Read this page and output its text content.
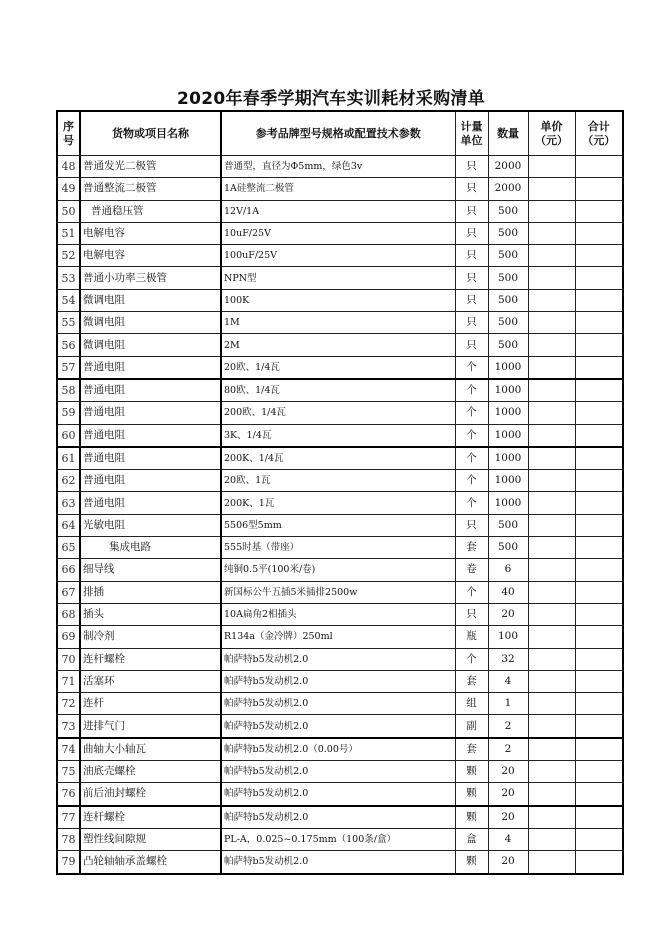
2020年春季学期汽车实训耗材采购清单
序号	货物或项目名称	参考品牌型号规格或配置技术参数	计量单位	数量	单价（元）	合计（元）
48	普通发光二极管	普通型，直径为Φ5mm，绿色3v	只	2000		
49	普通整流二极管	1A硅整流二极管	只	2000		
50	普通稳压管	12V/1A	只	500		
51	电解电容	10uF/25V	只	500		
52	电解电容	100uF/25V	只	500		
53	普通小功率三极管	NPN型	只	500		
54	微调电阻	100K	只	500		
55	微调电阻	1M	只	500		
56	微调电阻	2M	只	500		
57	普通电阻	20欧、1/4瓦	个	1000		
58	普通电阻	80欧、1/4瓦	个	1000		
59	普通电阻	200欧、1/4瓦	个	1000		
60	普通电阻	3K、1/4瓦	个	1000		
61	普通电阻	200K、1/4瓦	个	1000		
62	普通电阻	20欧、1瓦	个	1000		
63	普通电阻	200K、1瓦	个	1000		
64	光敏电阻	5506型5mm	只	500		
65	集成电路	555时基（带座）	套	500		
66	细导线	纯铜0.5平(100米/卷)	卷	6		
67	排插	新国标公牛五插5米插排2500w	个	40		
68	插头	10A扁角2相插头	只	20		
69	制冷剂	R134a（金冷牌）250ml	瓶	100		
70	连杆螺栓	帕萨特b5发动机2.0	个	32		
71	活塞环	帕萨特b5发动机2.0	套	4		
72	连杆	帕萨特b5发动机2.0	组	1		
73	进排气门	帕萨特b5发动机2.0	副	2		
74	曲轴大小轴瓦	帕萨特b5发动机2.0（0.00号）	套	2		
75	油底壳螺栓	帕萨特b5发动机2.0	颗	20		
76	前后油封螺栓	帕萨特b5发动机2.0	颗	20		
77	连杆螺栓	帕萨特b5发动机2.0	颗	20		
78	塑性线间隙规	PL-A，0.025~0.175mm（100条/盒）	盒	4		
79	凸轮轴轴承盖螺栓	帕萨特b5发动机2.0	颗	20		
